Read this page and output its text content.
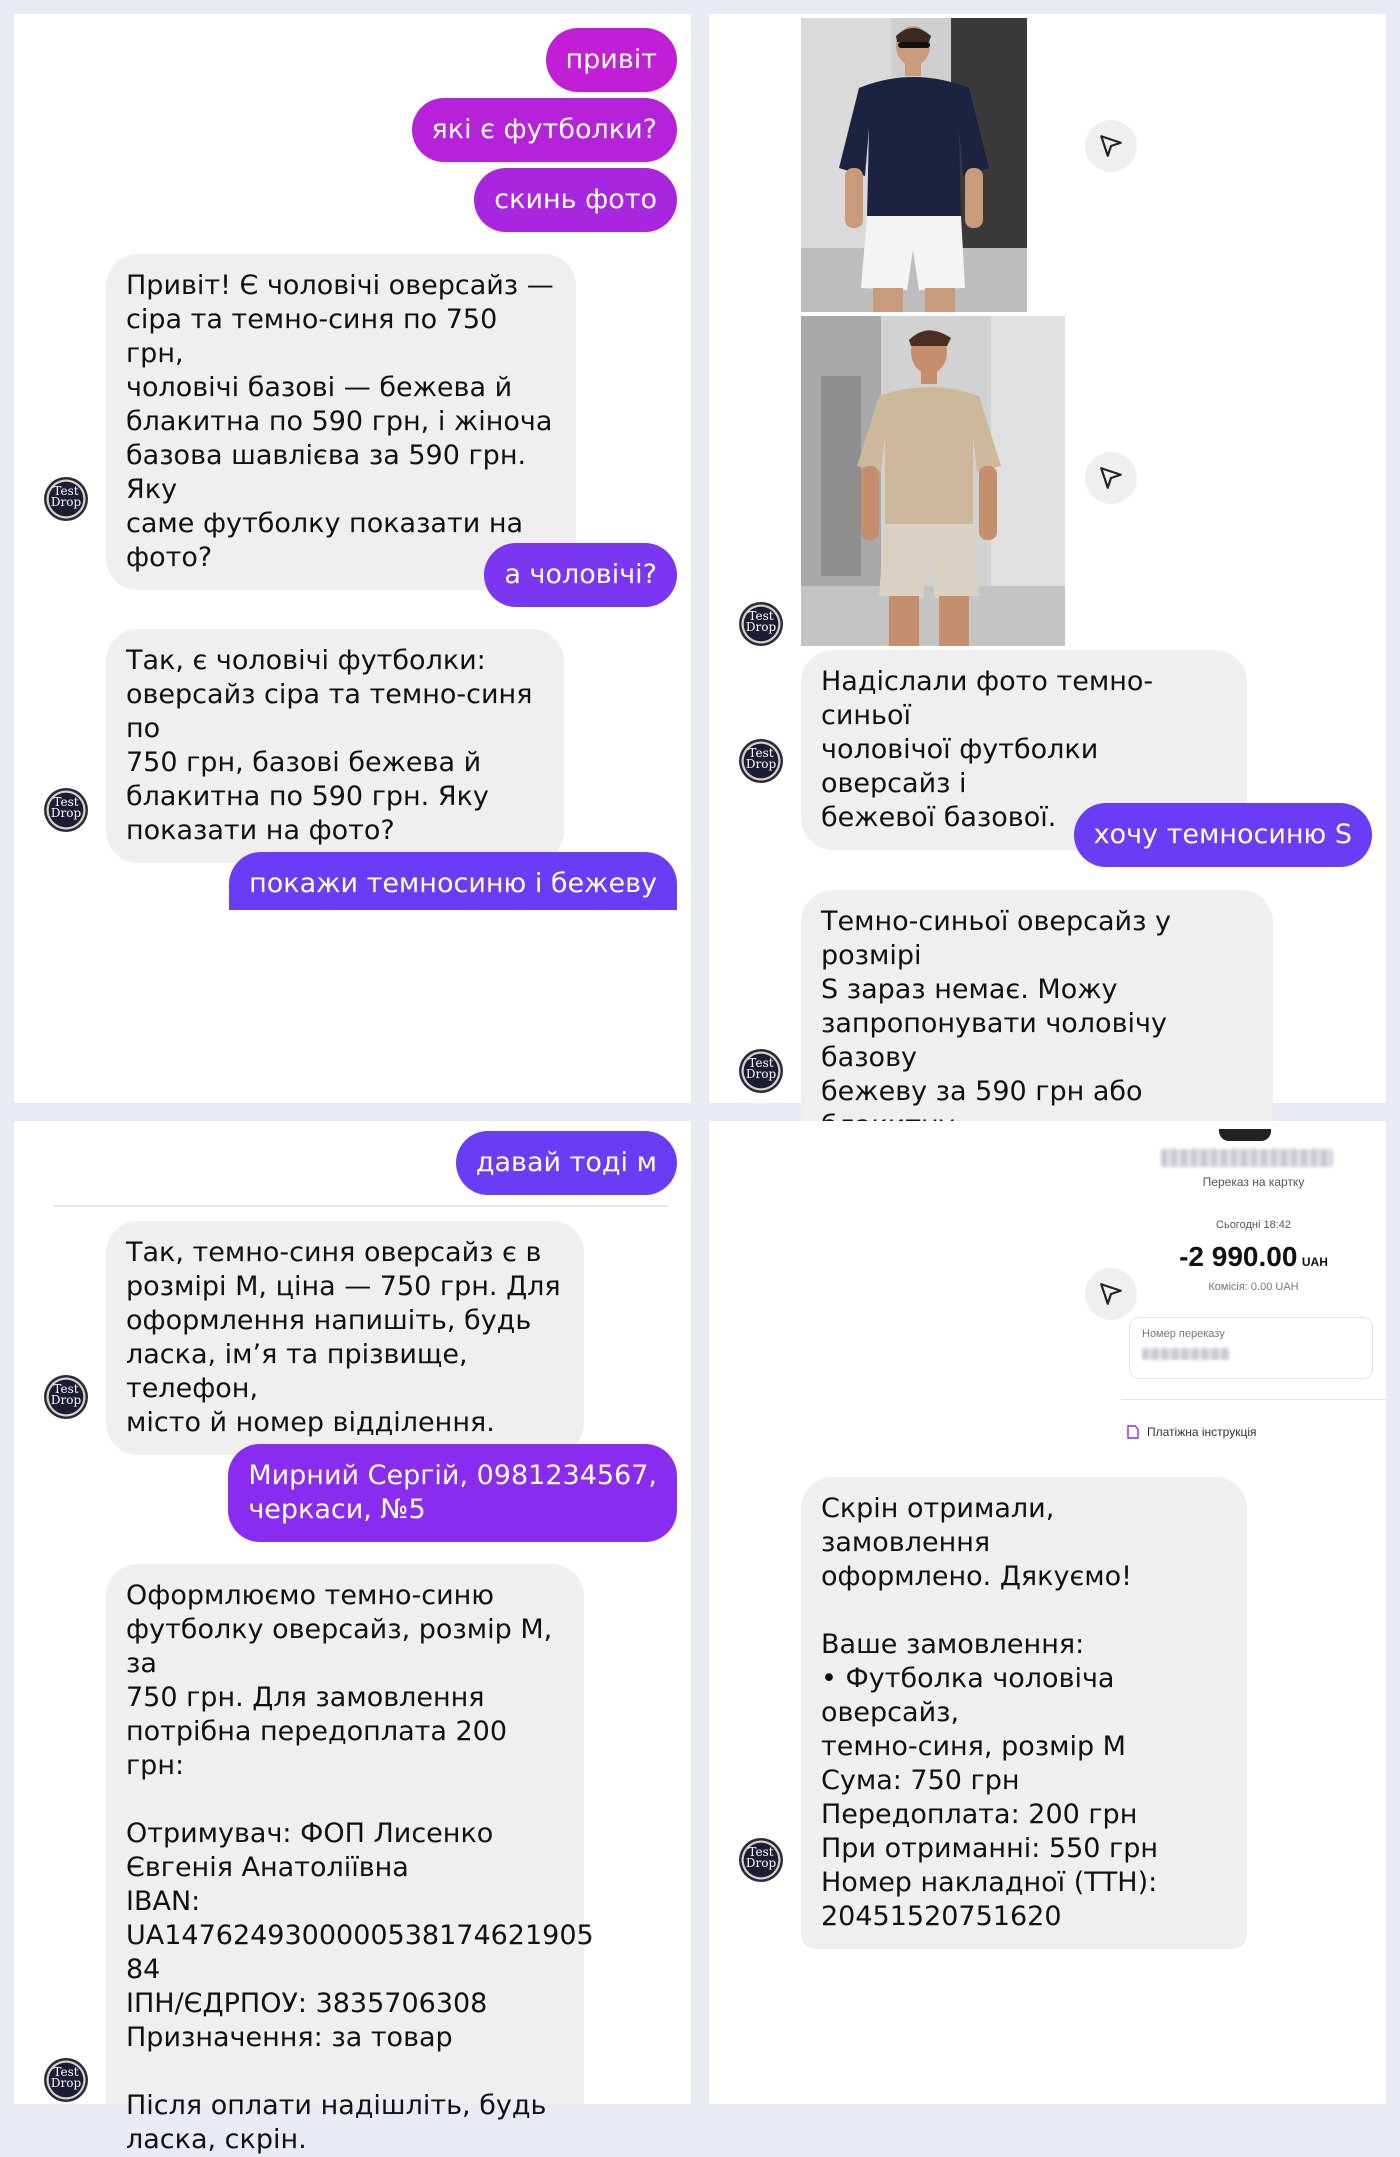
привіт
які є футболки?
скинь фото
Привіт! Є чоловічі оверсайз —
сіра та темно-синя по 750 грн,
чоловічі базові — бежева й
блакитна по 590 грн, і жіноча
базова шавлієва за 590 грн. Яку
саме футболку показати на
фото?
Test
Drop
а чоловічі?
Так, є чоловічі футболки:
оверсайз сіра та темно-синя по
750 грн, базові бежева й
блакитна по 590 грн. Яку
показати на фото?
Test
Drop
покажи темносиню і бежеву
Test
Drop
Надіслали фото темно-синьої
чоловічої футболки оверсайз і
бежевої базової.
Test
Drop
хочу темносиню S
Темно-синьої оверсайз у розмірі
S зараз немає. Можу
запропонувати чоловічу базову
бежеву за 590 грн або

Test
Drop
давай тоді м
Так, темно-синя оверсайз є в
розмірі M, ціна — 750 грн. Для
оформлення напишіть, будь
ласка, ім’я та прізвище, телефон,
місто й номер відділення.
Test
Drop
Мирний Сергій, 0981234567,
черкаси, №5
Оформлюємо темно-синю
футболку оверсайз, розмір M, за
750 грн. Для замовлення
потрібна передоплата 200 грн:

Отримувач: ФОП Лисенко
Євгенія Анатоліївна
IBAN:
UA1476249300000538174621905
84
ІПН/ЄДРПОУ: 3835706308
Призначення: за товар

Після оплати надішліть, будь
ласка, скрін.
Test
Drop
Переказ на картку
Сьогодні 18:42
-2 990.00 UAH
Комісія: 0.00 UAH
Номер переказу
Платіжна інструкція
Скрін отримали, замовлення
оформлено. Дякуємо!

Ваше замовлення:
• Футболка чоловіча оверсайз,
темно-синя, розмір M
Сума: 750 грн
Передоплата: 200 грн
При отриманні: 550 грн
Номер накладної (ТТН):
20451520751620
Test
Drop
